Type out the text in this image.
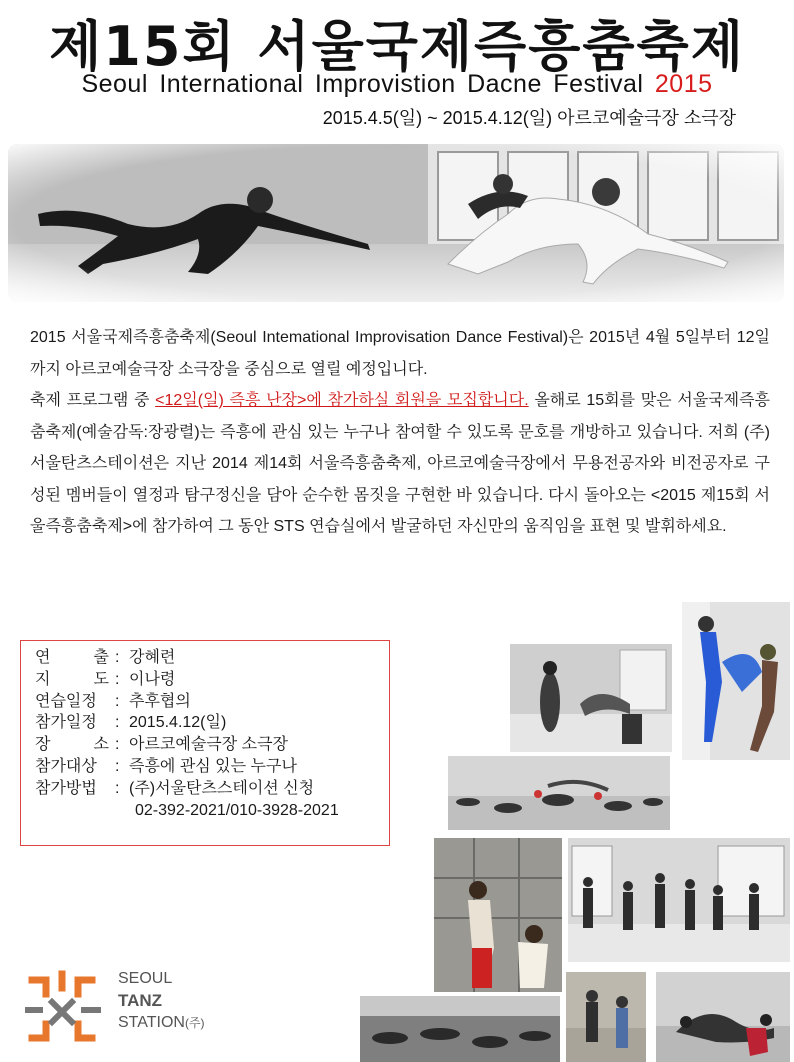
제15회 서울국제즉흥춤축제
Seoul International Improvistion Dacne Festival 2015
2015.4.5(일) ~ 2015.4.12(일) 아르코예술극장 소극장

2015 서울국제즉흥춤축제(Seoul Intemational Improvisation Dance Festival)은 2015년 4월 5일부터 12일까지 아르코예술극장 소극장을 중심으로 열릴 예정입니다.

축제 프로그램 중 <12일(일) 즉흥 난장>에 참가하실 회원을 모집합니다. 올해로 15회를 맞은 서울국제즉흥춤축제(예술감독:장광렬)는 즉흥에 관심 있는 누구나 참여할 수 있도록 문호를 개방하고 있습니다. 저희 (주)서울탄츠스테이션은 지난 2014 제14회 서울즉흥춤축제, 아르코예술극장에서 무용전공자와 비전공자로 구성된 멤버들이 열정과 탐구정신을 담아 순수한 몸짓을 구현한 바 있습니다. 다시 돌아오는 <2015 제15회 서울즉흥춤축제>에 참가하여 그 동안 STS 연습실에서 발굴하던 자신만의 움직임을 표현 및 발휘하세요.

연	출 : 강혜련
지	도 : 이나령
연습일정 : 추후협의
참가일정 : 2015.4.12(일)
장	소 : 아르코예술극장 소극장
참가대상 : 즉흥에 관심 있는 누구나
참가방법 : (주)서울탄츠스테이션 신청
02-392-2021/010-3928-2021
SEOUL
TANZ
STATION(주)
